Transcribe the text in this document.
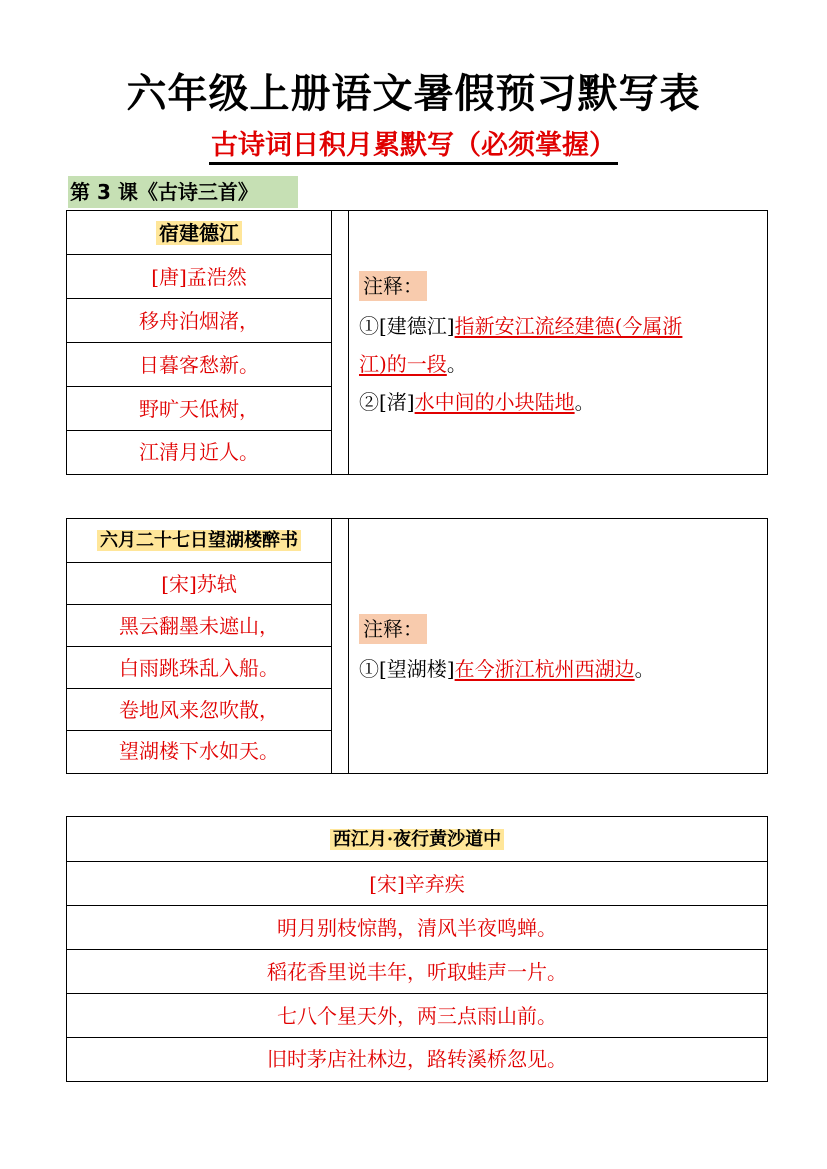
六年级上册语文暑假预习默写表
古诗词日积月累默写（必须掌握）
第 3 课《古诗三首》
宿建德江
[唐]孟浩然
移舟泊烟渚，
日暮客愁新。
野旷天低树，
江清月近人。
注释：
①[建德江]指新安江流经建德(今属浙
江)的一段。
②[渚]水中间的小块陆地。
六月二十七日望湖楼醉书
[宋]苏轼
黑云翻墨未遮山，
白雨跳珠乱入船。
卷地风来忽吹散，
望湖楼下水如天。
注释：
①[望湖楼]在今浙江杭州西湖边。
西江月·夜行黄沙道中
[宋]辛弃疾
明月别枝惊鹊，清风半夜鸣蝉。
稻花香里说丰年，听取蛙声一片。
七八个星天外，两三点雨山前。
旧时茅店社林边，路转溪桥忽见。
